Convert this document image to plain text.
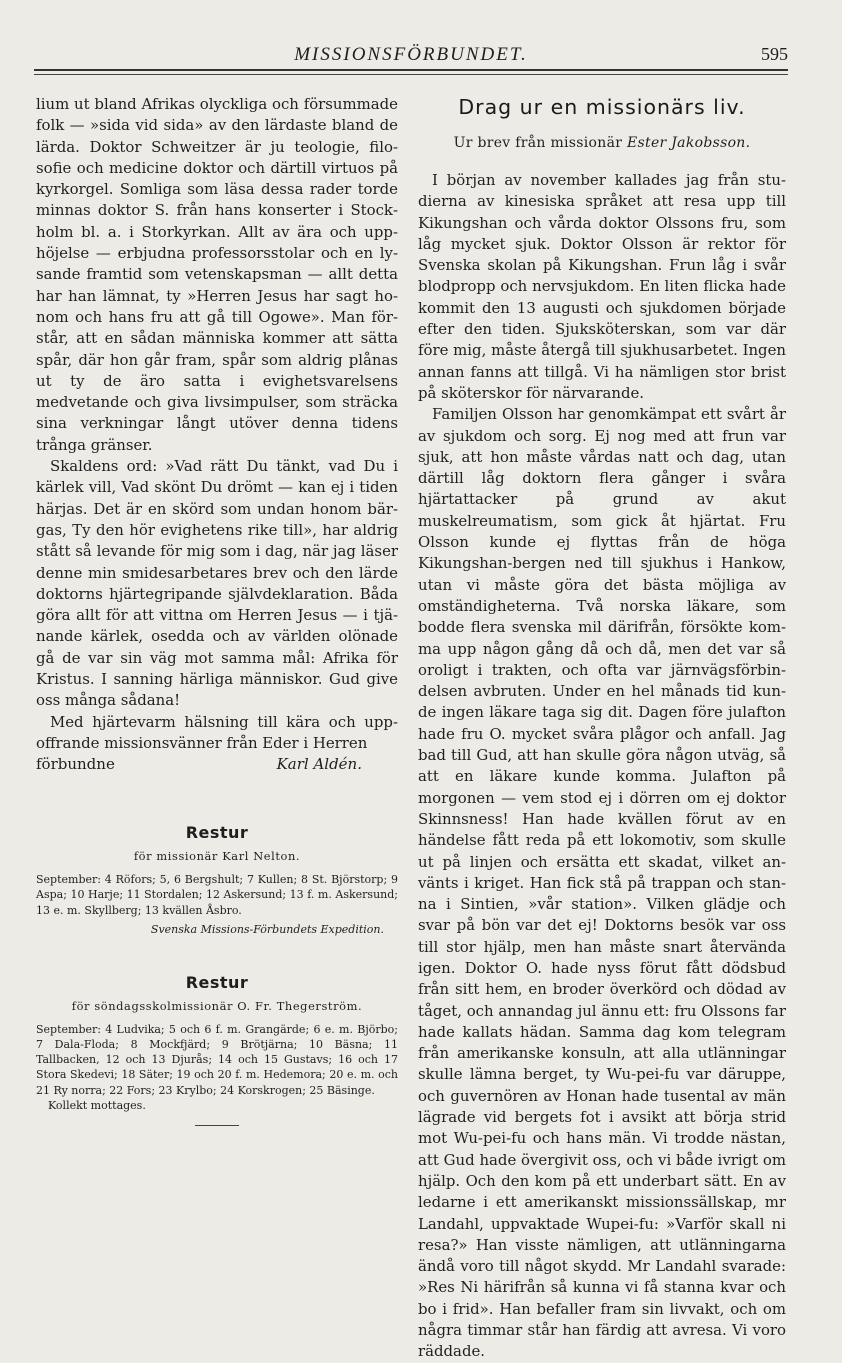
MISSIONSFÖRBUNDET.	595

lium ut bland Afrikas olyckliga och försummade folk — »sida vid sida» av den lärdaste bland de lärda. Doktor Schweitzer är ju teologie, filosofie och medicine doktor och därtill virtuos på kyrkorgel. Somliga som läsa dessa rader torde minnas doktor S. från hans konserter i Stockholm bl. a. i Storkyrkan. Allt av ära och upphöjelse — erbjudna professorsstolar och en lysande framtid som vetenskapsman — allt detta har han lämnat, ty »Herren Jesus har sagt honom och hans fru att gå till Ogowe». Man förstår, att en sådan människa kommer att sätta spår, där hon går fram, spår som aldrig plånas ut ty de äro satta i evighetsvarelsens medvetande och giva livsimpulser, som sträcka sina verkningar långt utöver denna tidens trånga gränser.

Skaldens ord: »Vad rätt Du tänkt, vad Du i kärlek vill, Vad skönt Du drömt — kan ej i tiden härjas. Det är en skörd som undan honom bärgas, Ty den hör evighetens rike till», har aldrig stått så levande för mig som i dag, när jag läser denne min smidesarbetares brev och den lärde doktorns hjärtegripande självdeklaration. Båda göra allt för att vittna om Herren Jesus — i tjänande kärlek, osedda och av världen olönade gå de var sin väg mot samma mål: Afrika för Kristus. I sanning härliga människor. Gud give oss många sådana!

Med hjärtevarm hälsning till kära och uppoffrande missionsvänner från Eder i Herren

förbundne	Karl Aldén.

Restur

för missionär Karl Nelton.

September: 4 Röfors; 5, 6 Bergshult; 7 Kullen; 8 St. Björstorp; 9 Aspa; 10 Harje; 11 Stordalen; 12 Askersund; 13 f. m. Askersund; 13 e. m. Skyllberg; 13 kvällen Åsbro.

Svenska Missions-Förbundets Expedition.

Restur

för söndagsskolmissionär O. Fr. Thegerström.

September: 4 Ludvika; 5 och 6 f. m. Grangärde; 6 e. m. Björbo; 7 Dala-Floda; 8 Mockfjärd; 9 Brötjärna; 10 Bäsna; 11 Tallbacken, 12 och 13 Djurås; 14 och 15 Gustavs; 16 och 17 Stora Skedevi; 18 Säter; 19 och 20 f. m. Hedemora; 20 e. m. och 21 Ry norra; 22 Fors; 23 Krylbo; 24 Korskrogen; 25 Bäsinge.

Kollekt mottages.

Drag ur en missionärs liv.

Ur brev från missionär Ester Jakobsson.

I början av november kallades jag från studierna av kinesiska språket att resa upp till Kikungshan och vårda doktor Olssons fru, som låg mycket sjuk. Doktor Olsson är rektor för Svenska skolan på Kikungshan. Frun låg i svår blodpropp och nervsjukdom. En liten flicka hade kommit den 13 augusti och sjukdomen började efter den tiden. Sjuksköterskan, som var där före mig, måste återgå till sjukhusarbetet. Ingen annan fanns att tillgå. Vi ha nämligen stor brist på sköterskor för närvarande.

Familjen Olsson har genomkämpat ett svårt år av sjukdom och sorg. Ej nog med att frun var sjuk, att hon måste vårdas natt och dag, utan därtill låg doktorn flera gånger i svåra hjärtattacker på grund av akut muskelreumatism, som gick åt hjärtat. Fru Olsson kunde ej flyttas från de höga Kikungshan-bergen ned till sjukhus i Hankow, utan vi måste göra det bästa möjliga av omständigheterna. Två norska läkare, som bodde flera svenska mil därifrån, försökte komma upp någon gång då och då, men det var så oroligt i trakten, och ofta var järnvägsförbindelsen avbruten. Under en hel månads tid kunde ingen läkare taga sig dit. Dagen före julafton hade fru O. mycket svåra plågor och anfall. Jag bad till Gud, att han skulle göra någon utväg, så att en läkare kunde komma. Julafton på morgonen — vem stod ej i dörren om ej doktor Skinnsness! Han hade kvällen förut av en händelse fått reda på ett lokomotiv, som skulle ut på linjen och ersätta ett skadat, vilket använts i kriget. Han fick stå på trappan och stanna i Sintien, »vår station». Vilken glädje och svar på bön var det ej! Doktorns besök var oss till stor hjälp, men han måste snart återvända igen. Doktor O. hade nyss förut fått dödsbud från sitt hem, en broder överkörd och dödad av tåget, och annandag jul ännu ett: fru Olssons far hade kallats hädan. Samma dag kom telegram från amerikanske konsuln, att alla utlänningar skulle lämna berget, ty Wu-pei-fu var däruppe, och guvernören av Honan hade tusental av män lägrade vid bergets fot i avsikt att börja strid mot Wu-pei-fu och hans män. Vi trodde nästan, att Gud hade övergivit oss, och vi både ivrigt om hjälp. Och den kom på ett underbart sätt. En av ledarne i ett amerikanskt missionssällskap, mr Landahl, uppvaktade Wupei-fu: »Varför skall ni resa?» Han visste nämligen, att utlänningarna ändå voro till något skydd. Mr Landahl svarade: »Res Ni härifrån så kunna vi få stanna kvar och bo i frid». Han befaller fram sin livvakt, och om några timmar står han färdig att avresa. Vi voro räddade.
